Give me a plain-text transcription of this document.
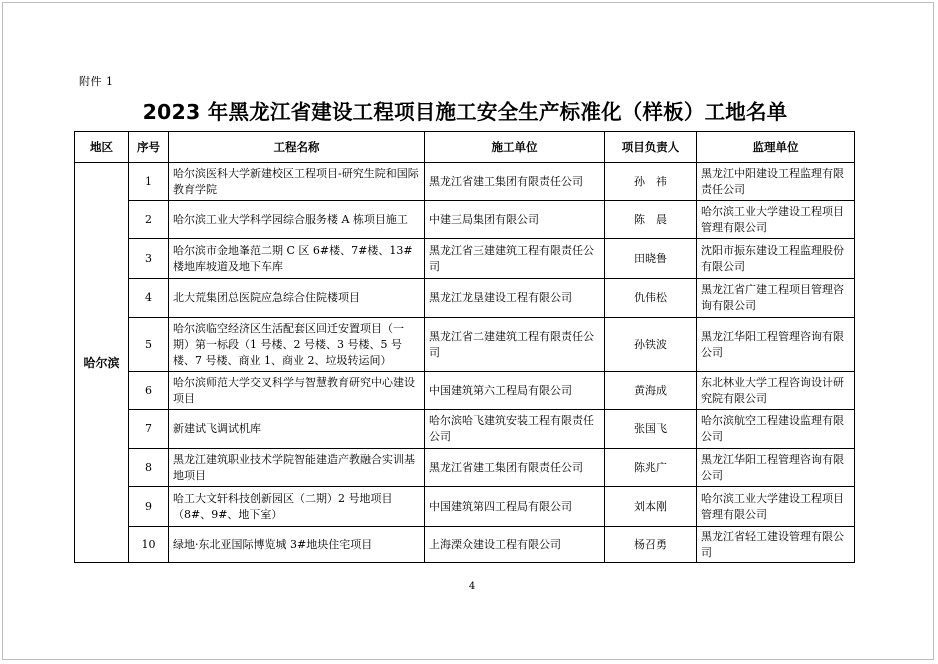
附件 1
2023 年黑龙江省建设工程项目施工安全生产标准化（样板）工地名单
地区	序号	工程名称	施工单位	项目负责人	监理单位
哈尔滨	1	哈尔滨医科大学新建校区工程项目-研究生院和国际教育学院	黑龙江省建工集团有限责任公司	孙　祎	黑龙江中阳建设工程监理有限责任公司
	2	哈尔滨工业大学科学园综合服务楼 A 栋项目施工	中建三局集团有限公司	陈　晨	哈尔滨工业大学建设工程项目管理有限公司
	3	哈尔滨市金地峯范二期 C 区 6#楼、7#楼、13#楼地库坡道及地下车库	黑龙江省三建建筑工程有限责任公司	田晓鲁	沈阳市振东建设工程监理股份有限公司
	4	北大荒集团总医院应急综合住院楼项目	黑龙江龙垦建设工程有限公司	仇伟松	黑龙江省广建工程项目管理咨询有限公司
	5	哈尔滨临空经济区生活配套区回迁安置项目（一期）第一标段（1 号楼、2 号楼、3 号楼、5 号楼、7 号楼、商业 1、商业 2、垃圾转运间）	黑龙江省二建建筑工程有限责任公司	孙铁波	黑龙江华阳工程管理咨询有限公司
	6	哈尔滨师范大学交叉科学与智慧教育研究中心建设项目	中国建筑第六工程局有限公司	黄海成	东北林业大学工程咨询设计研究院有限公司
	7	新建试飞调试机库	哈尔滨哈飞建筑安装工程有限责任公司	张国飞	哈尔滨航空工程建设监理有限公司
	8	黑龙江建筑职业技术学院智能建造产教融合实训基地项目	黑龙江省建工集团有限责任公司	陈兆广	黑龙江华阳工程管理咨询有限公司
	9	哈工大文轩科技创新园区（二期）2 号地项目（8#、9#、地下室）	中国建筑第四工程局有限公司	刘本刚	哈尔滨工业大学建设工程项目管理有限公司
	10	绿地·东北亚国际博览城 3#地块住宅项目	上海溧众建设工程有限公司	杨召勇	黑龙江省轻工建设管理有限公司
4
